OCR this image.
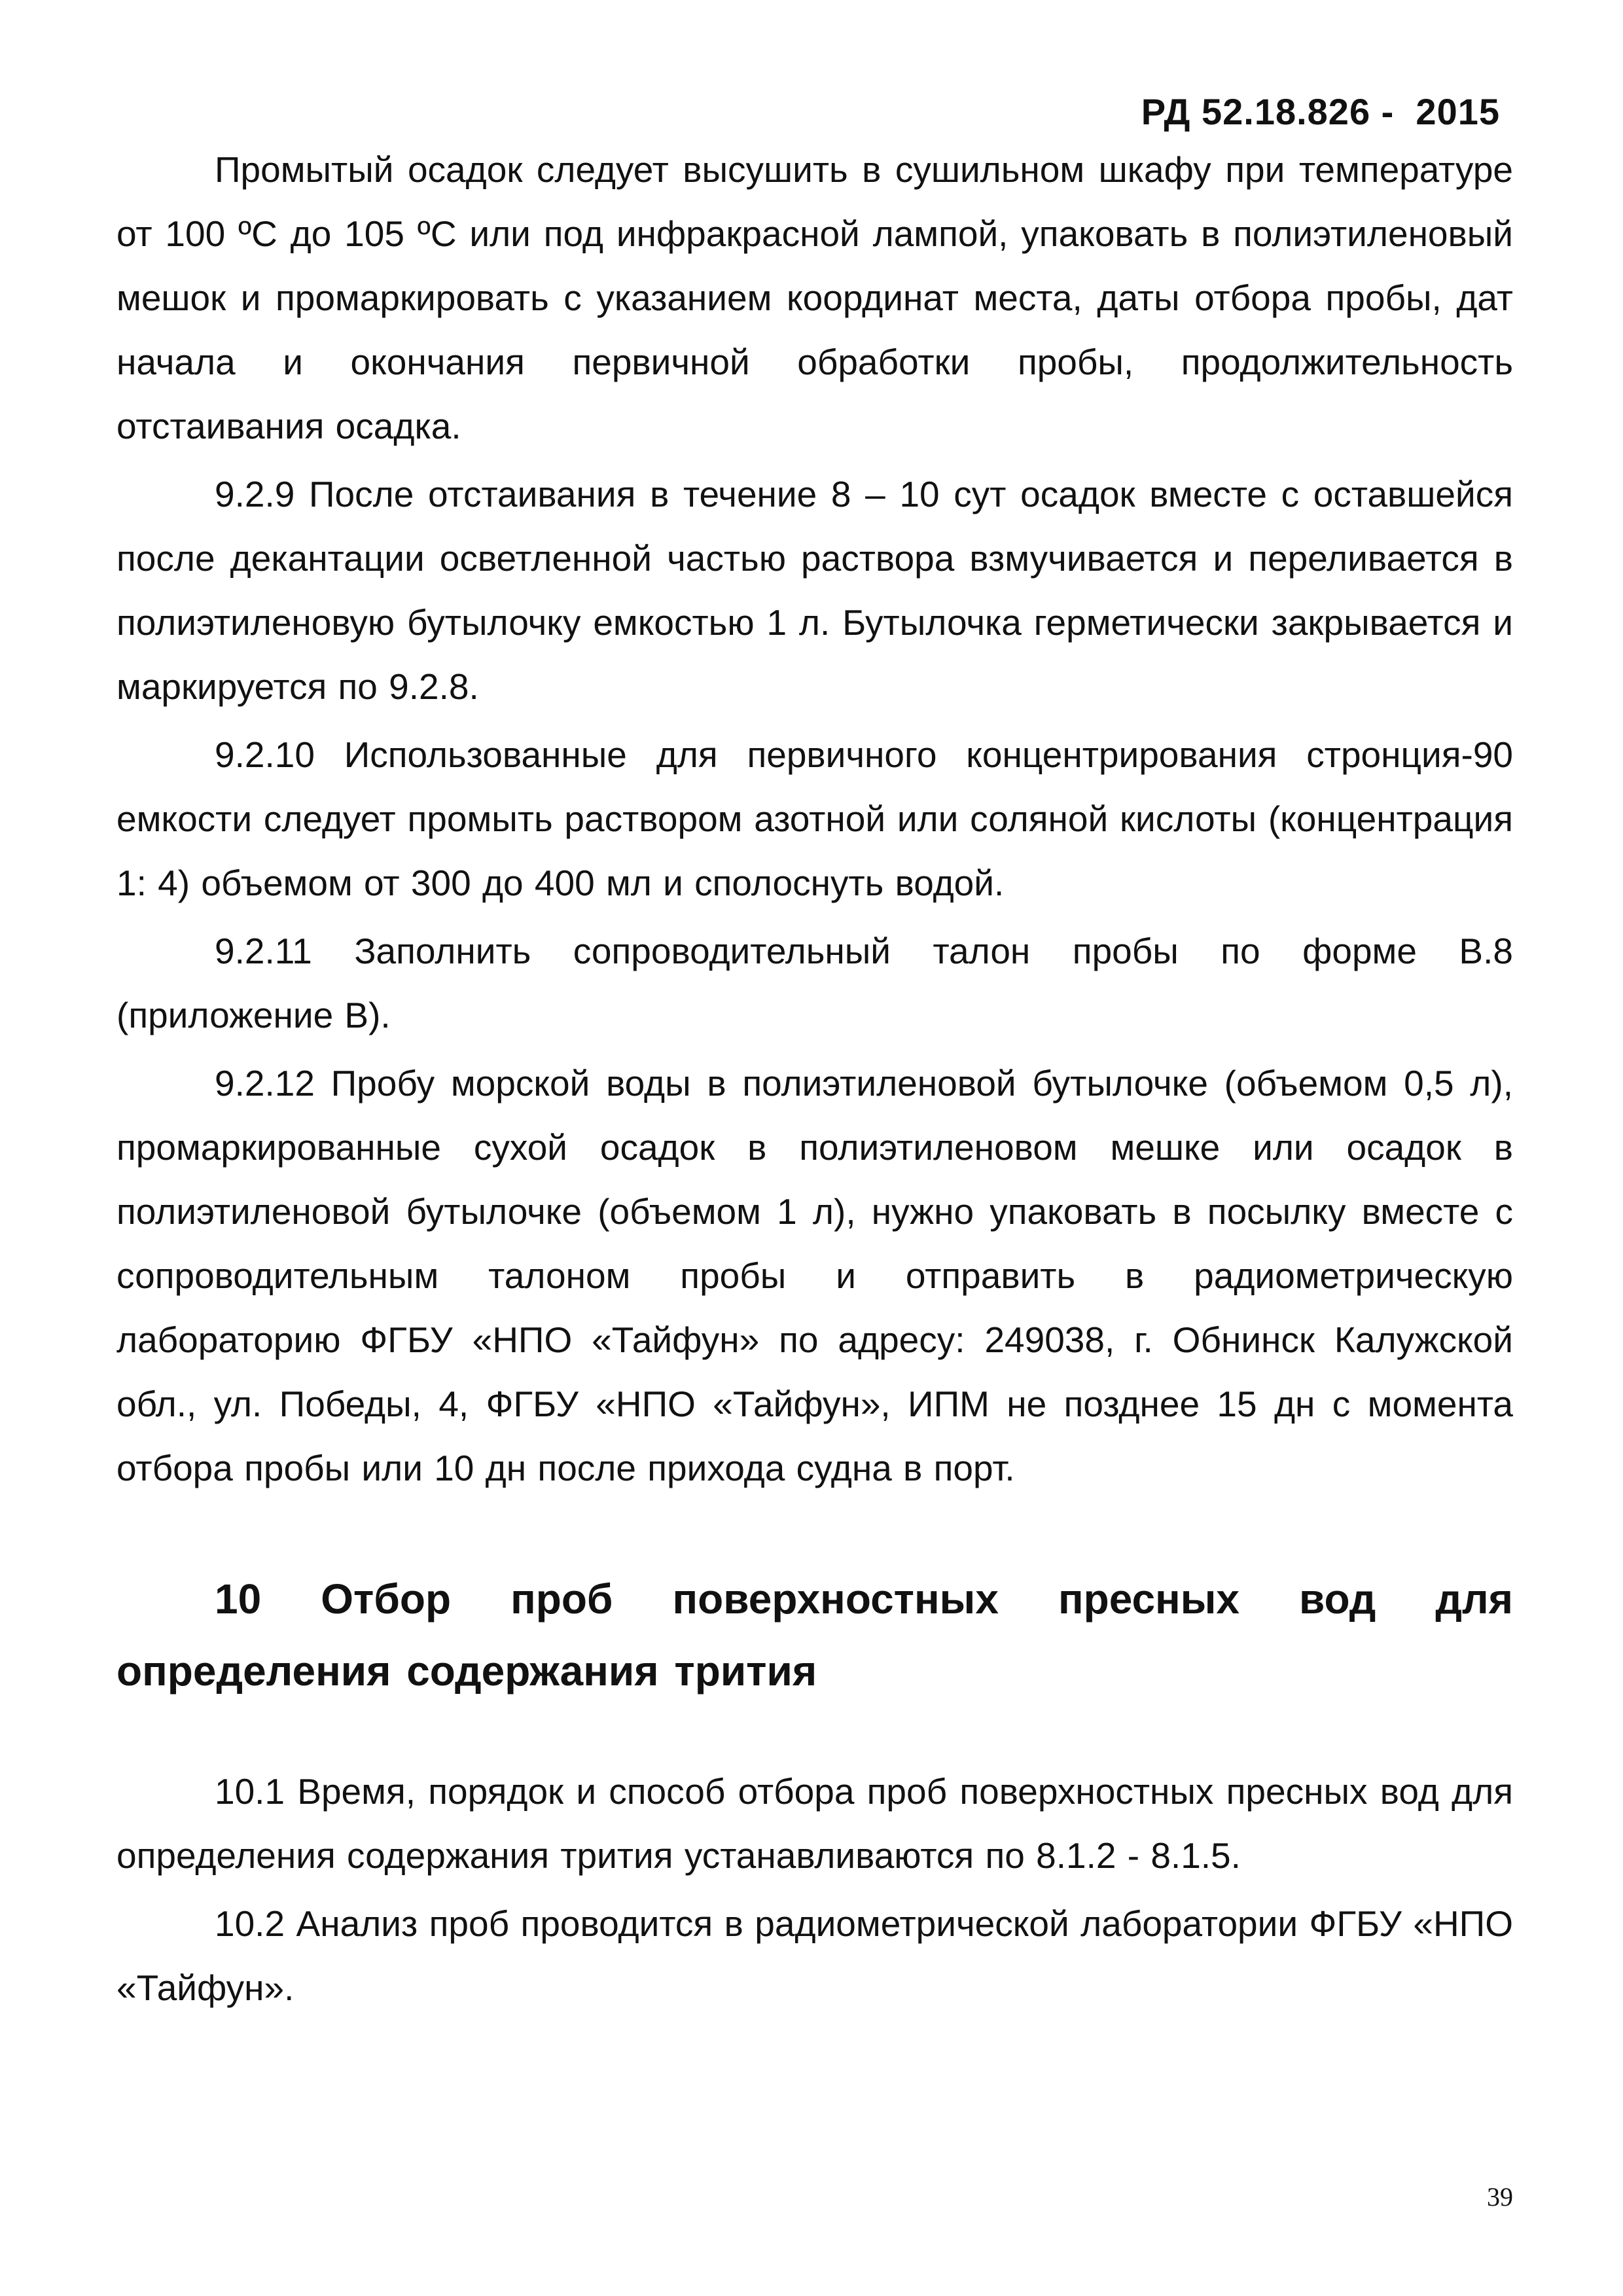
РД 52.18.826 -  2015

Промытый осадок следует высушить в сушильном шкафу при температуре от 100 ºС до 105 ºС или под инфракрасной лампой, упаковать в полиэтиленовый мешок и промаркировать с указанием координат места, даты отбора пробы, дат начала и окончания первичной обработки пробы, продолжительность отстаивания осадка.

9.2.9 После отстаивания в течение 8 – 10 сут осадок вместе с оставшейся после декантации осветленной частью раствора взмучивается и переливается в полиэтиленовую бутылочку емкостью 1 л. Бутылочка герметически закрывается и маркируется по 9.2.8.

9.2.10 Использованные для первичного концентрирования стронция-90 емкости следует промыть раствором азотной или соляной кислоты (концентрация 1: 4) объемом от 300 до 400 мл и сполоснуть водой.

9.2.11 Заполнить сопроводительный талон пробы по форме В.8 (приложение В).

9.2.12 Пробу морской воды в полиэтиленовой бутылочке (объемом 0,5 л), промаркированные сухой осадок в полиэтиленовом мешке или осадок в полиэтиленовой бутылочке (объемом 1 л), нужно упаковать в посылку вместе с сопроводительным талоном пробы и отправить в радиометрическую лабораторию ФГБУ «НПО «Тайфун» по адресу: 249038, г. Обнинск Калужской обл., ул. Победы, 4, ФГБУ «НПО «Тайфун», ИПМ не позднее 15 дн с момента отбора пробы или 10 дн после прихода судна в порт.

10 Отбор проб поверхностных пресных вод для определения содержания трития

10.1 Время, порядок и способ отбора проб поверхностных пресных вод для определения содержания трития устанавливаются по 8.1.2 - 8.1.5.

10.2 Анализ проб проводится в радиометрической лаборатории ФГБУ «НПО «Тайфун».

39
